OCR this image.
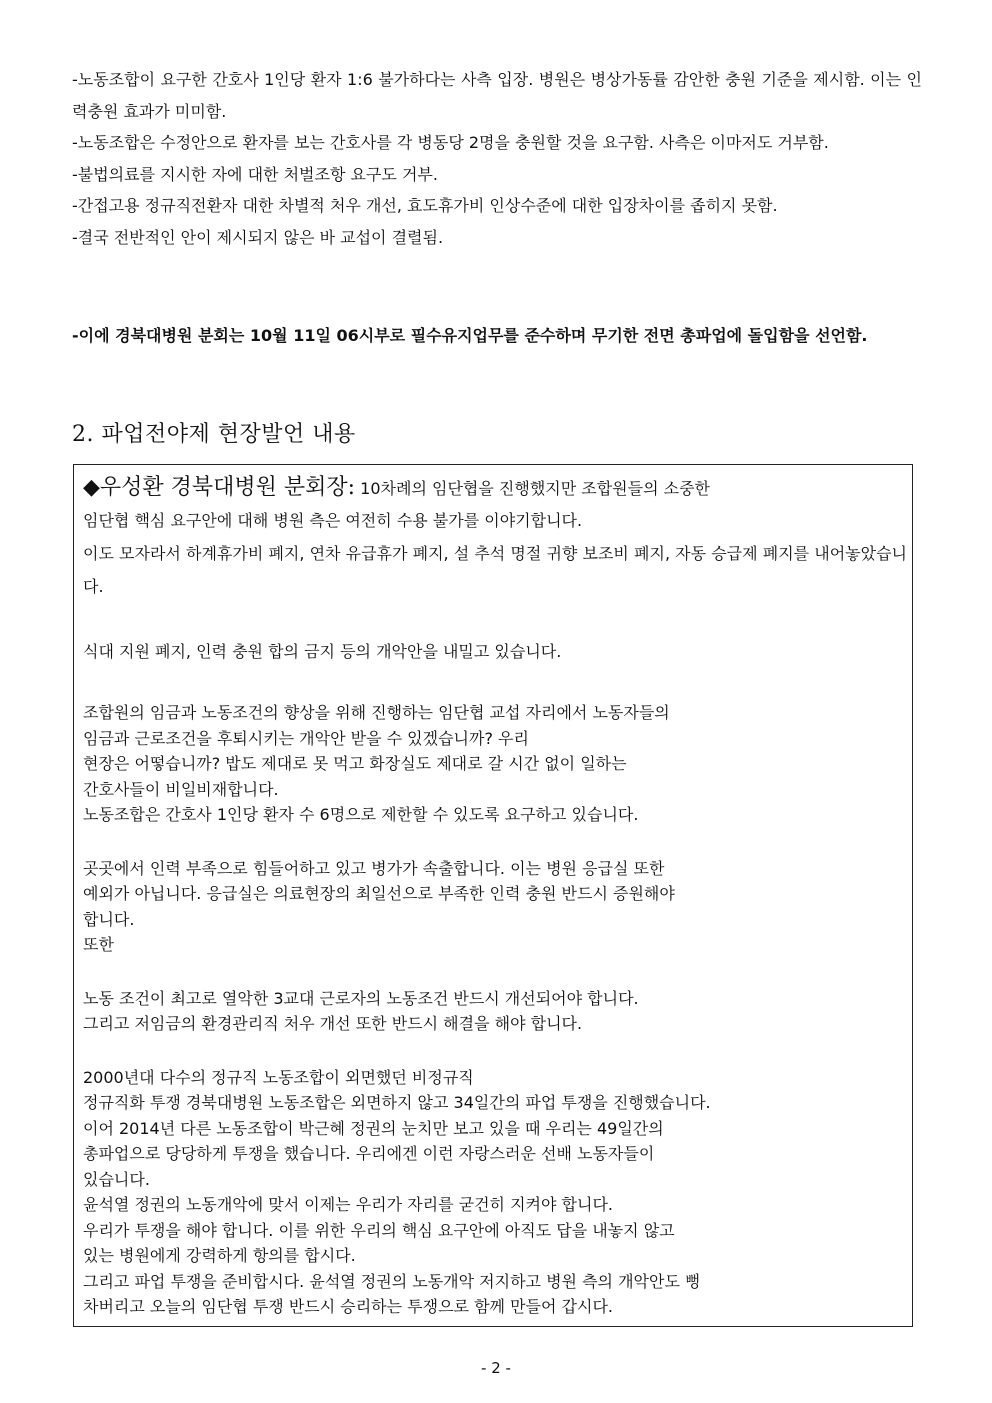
-노동조합이 요구한 간호사 1인당 환자 1:6 불가하다는 사측 입장. 병원은 병상가동률 감안한 충원 기준을 제시함. 이는 인력충원 효과가 미미함.

-노동조합은 수정안으로 환자를 보는 간호사를 각 병동당 2명을 충원할 것을 요구함. 사측은 이마저도 거부함.

-불법의료를 지시한 자에 대한 처벌조항 요구도 거부.

-간접고용 정규직전환자 대한 차별적 처우 개선, 효도휴가비 인상수준에 대한 입장차이를 좁히지 못함.

-결국 전반적인 안이 제시되지 않은 바 교섭이 결렬됨.

-이에 경북대병원 분회는 10월 11일 06시부로 필수유지업무를 준수하며 무기한 전면 총파업에 돌입함을 선언함.

2. 파업전야제 현장발언 내용
◆우성환 경북대병원 분회장: 10차례의 임단협을 진행했지만 조합원들의 소중한

임단협 핵심 요구안에 대해 병원 측은 여전히 수용 불가를 이야기합니다.

이도 모자라서 하계휴가비 폐지, 연차 유급휴가 폐지, 설 추석 명절 귀향 보조비 폐지, 자동 승급제 폐지를 내어놓았습니다.

식대 지원 폐지, 인력 충원 합의 금지 등의 개악안을 내밀고 있습니다.

조합원의 임금과 노동조건의 향상을 위해 진행하는 임단협 교섭 자리에서 노동자들의

임금과 근로조건을 후퇴시키는 개악안 받을 수 있겠습니까? 우리

현장은 어떻습니까? 밥도 제대로 못 먹고 화장실도 제대로 갈 시간 없이 일하는

간호사들이 비일비재합니다.

노동조합은 간호사 1인당 환자 수 6명으로 제한할 수 있도록 요구하고 있습니다.

곳곳에서 인력 부족으로 힘들어하고 있고 병가가 속출합니다. 이는 병원 응급실 또한

예외가 아닙니다. 응급실은 의료현장의 최일선으로 부족한 인력 충원 반드시 증원해야

합니다.

또한

노동 조건이 최고로 열악한 3교대 근로자의 노동조건 반드시 개선되어야 합니다.

그리고 저임금의 환경관리직 처우 개선 또한 반드시 해결을 해야 합니다.

2000년대 다수의 정규직 노동조합이 외면했던 비정규직

정규직화 투쟁 경북대병원 노동조합은 외면하지 않고 34일간의 파업 투쟁을 진행했습니다.

이어 2014년 다른 노동조합이 박근혜 정권의 눈치만 보고 있을 때 우리는 49일간의

총파업으로 당당하게 투쟁을 했습니다. 우리에겐 이런 자랑스러운 선배 노동자들이

있습니다.

윤석열 정권의 노동개악에 맞서 이제는 우리가 자리를 굳건히 지켜야 합니다.

우리가 투쟁을 해야 합니다. 이를 위한 우리의 핵심 요구안에 아직도 답을 내놓지 않고

있는 병원에게 강력하게 항의를 합시다.

그리고 파업 투쟁을 준비합시다. 윤석열 정권의 노동개악 저지하고 병원 측의 개악안도 뻥

차버리고 오늘의 임단협 투쟁 반드시 승리하는 투쟁으로 함께 만들어 갑시다.

- 2 -
